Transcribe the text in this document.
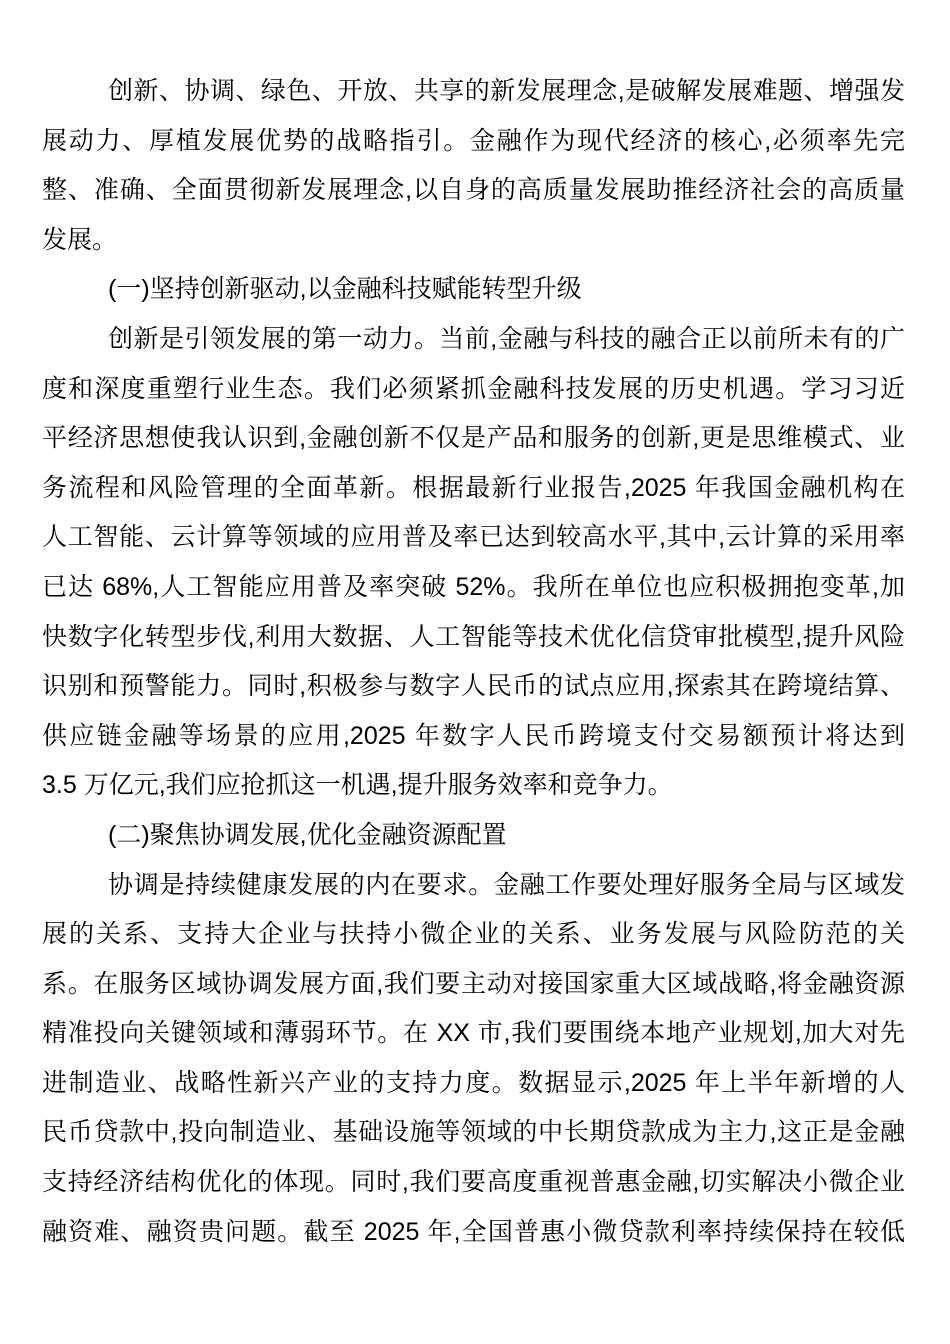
创新、协调、绿色、开放、共享的新发展理念,是破解发展难题、增强发
展动力、厚植发展优势的战略指引。金融作为现代经济的核心,必须率先完
整、准确、全面贯彻新发展理念,以自身的高质量发展助推经济社会的高质量
发展。
(一)坚持创新驱动,以金融科技赋能转型升级
创新是引领发展的第一动力。当前,金融与科技的融合正以前所未有的广
度和深度重塑行业生态。我们必须紧抓金融科技发展的历史机遇。学习习近
平经济思想使我认识到,金融创新不仅是产品和服务的创新,更是思维模式、业
务流程和风险管理的全面革新。根据最新行业报告,2025 年我国金融机构在
人工智能、云计算等领域的应用普及率已达到较高水平,其中,云计算的采用率
已达 68%,人工智能应用普及率突破 52%。我所在单位也应积极拥抱变革,加
快数字化转型步伐,利用大数据、人工智能等技术优化信贷审批模型,提升风险
识别和预警能力。同时,积极参与数字人民币的试点应用,探索其在跨境结算、
供应链金融等场景的应用,2025 年数字人民币跨境支付交易额预计将达到
3.5 万亿元,我们应抢抓这一机遇,提升服务效率和竞争力。
(二)聚焦协调发展,优化金融资源配置
协调是持续健康发展的内在要求。金融工作要处理好服务全局与区域发
展的关系、支持大企业与扶持小微企业的关系、业务发展与风险防范的关
系。在服务区域协调发展方面,我们要主动对接国家重大区域战略,将金融资源
精准投向关键领域和薄弱环节。在 XX 市,我们要围绕本地产业规划,加大对先
进制造业、战略性新兴产业的支持力度。数据显示,2025 年上半年新增的人
民币贷款中,投向制造业、基础设施等领域的中长期贷款成为主力,这正是金融
支持经济结构优化的体现。同时,我们要高度重视普惠金融,切实解决小微企业
融资难、融资贵问题。截至 2025 年,全国普惠小微贷款利率持续保持在较低
